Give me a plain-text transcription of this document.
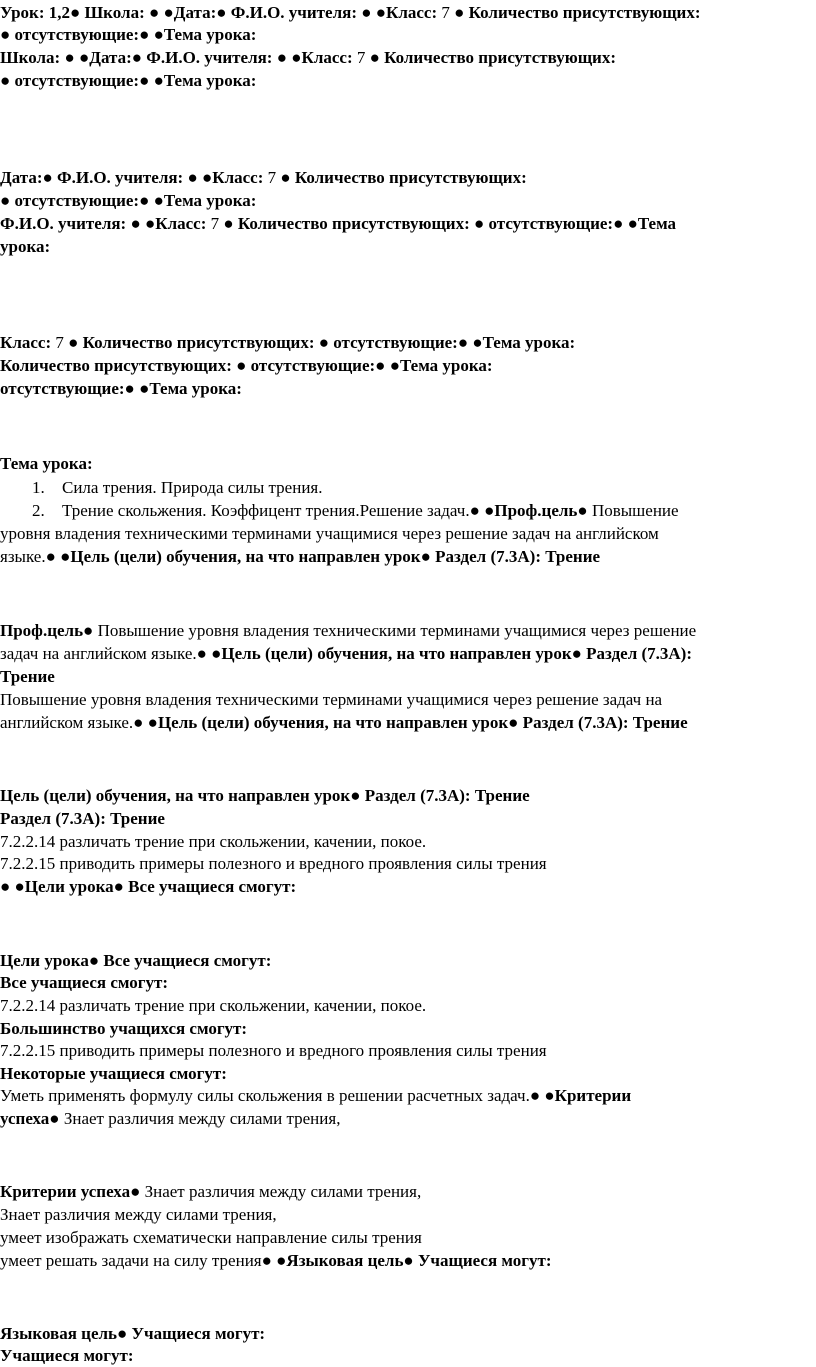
Урок: 1,2● Школа: ● ●Дата:● Ф.И.О. учителя: ● ●Класс: 7 ● Количество присутствующих:
● отсутствующие:● ●Тема урока:
Школа: ● ●Дата:● Ф.И.О. учителя: ● ●Класс: 7 ● Количество присутствующих:
● отсутствующие:● ●Тема урока:
Дата:● Ф.И.О. учителя: ● ●Класс: 7 ● Количество присутствующих:
● отсутствующие:● ●Тема урока:
Ф.И.О. учителя: ● ●Класс: 7 ● Количество присутствующих: ● отсутствующие:● ●Тема
урока:
Класс: 7 ● Количество присутствующих: ● отсутствующие:● ●Тема урока:
Количество присутствующих: ● отсутствующие:● ●Тема урока:
отсутствующие:● ●Тема урока:
Тема урока:
1. Сила трения. Природа силы трения.
2. Трение скольжения. Коэффицент трения.Решение задач.● ●Проф.цель● Повышение
уровня владения техническими терминами учащимися через решение задач на английском
языке.● ●Цель (цели) обучения, на что направлен урок● Раздел (7.3А): Трение
Проф.цель● Повышение уровня владения техническими терминами учащимися через решение
задач на английском языке.● ●Цель (цели) обучения, на что направлен урок● Раздел (7.3А):
Трение
Повышение уровня владения техническими терминами учащимися через решение задач на
английском языке.● ●Цель (цели) обучения, на что направлен урок● Раздел (7.3А): Трение
Цель (цели) обучения, на что направлен урок● Раздел (7.3А): Трение
Раздел (7.3А): Трение
7.2.2.14 различать трение при скольжении, качении, покое.
7.2.2.15 приводить примеры полезного и вредного проявления силы трения
● ●Цели урока● Все учащиеся смогут:
Цели урока● Все учащиеся смогут:
Все учащиеся смогут:
7.2.2.14 различать трение при скольжении, качении, покое.
Большинство учащихся смогут:
7.2.2.15 приводить примеры полезного и вредного проявления силы трения
Некоторые учащиеся смогут:
Уметь применять формулу силы скольжения в решении расчетных задач.● ●Критерии
успеха● Знает различия между силами трения,
Критерии успеха● Знает различия между силами трения,
Знает различия между силами трения,
умеет изображать схематически направление силы трения
умеет решать задачи на силу трения● ●Языковая цель● Учащиеся могут:
Языковая цель● Учащиеся могут:
Учащиеся могут:
